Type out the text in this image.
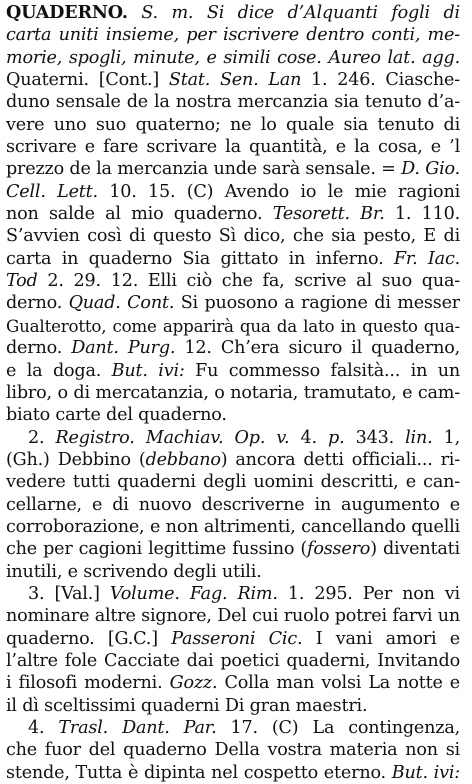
QUADERNO. S. m. Si dice d’Alquanti fogli di
carta uniti insieme, per iscrivere dentro conti, me-
morie, spogli, minute, e simili cose. Aureo lat. agg.
Quaterni. [Cont.] Stat. Sen. Lan 1. 246. Ciasche-
duno sensale de la nostra mercanzia sia tenuto d’a-
vere uno suo quaterno; ne lo quale sia tenuto di
scrivare e fare scrivare la quantità, e la cosa, e ’l
prezzo de la mercanzia unde sarà sensale. = D. Gio.
Cell. Lett. 10. 15. (C) Avendo io le mie ragioni
non salde al mio quaderno. Tesorett. Br. 1. 110.
S’avvien così di questo Sì dico, che sia pesto, E di
carta in quaderno Sia gittato in inferno. Fr. Iac.
Tod 2. 29. 12. Elli ciò che fa, scrive al suo qua-
derno. Quad. Cont. Si puosono a ragione di messer
Gualterotto, come apparirà qua da lato in questo qua-
derno. Dant. Purg. 12. Ch’era sicuro il quaderno,
e la doga. But. ivi: Fu commesso falsità... in un
libro, o di mercatanzia, o notaria, tramutato, e cam-
biato carte del quaderno.
2. Registro. Machiav. Op. v. 4. p. 343. lin. 1,
(Gh.) Debbino (debbano) ancora detti officiali... ri-
vedere tutti quaderni degli uomini descritti, e can-
cellarne, e di nuovo descriverne in augumento e
corroborazione, e non altrimenti, cancellando quelli
che per cagioni legittime fussino (fossero) diventati
inutili, e scrivendo degli utili.
3. [Val.] Volume. Fag. Rim. 1. 295. Per non vi
nominare altre signore, Del cui ruolo potrei farvi un
quaderno. [G.C.] Passeroni Cic. I vani amori e
l’altre fole Cacciate dai poetici quaderni, Invitando
i filosofi moderni. Gozz. Colla man volsi La notte e
il dì sceltissimi quaderni Di gran maestri.
4. Trasl. Dant. Par. 17. (C) La contingenza,
che fuor del quaderno Della vostra materia non si
stende, Tutta è dipinta nel cospetto eterno. But. ivi:
